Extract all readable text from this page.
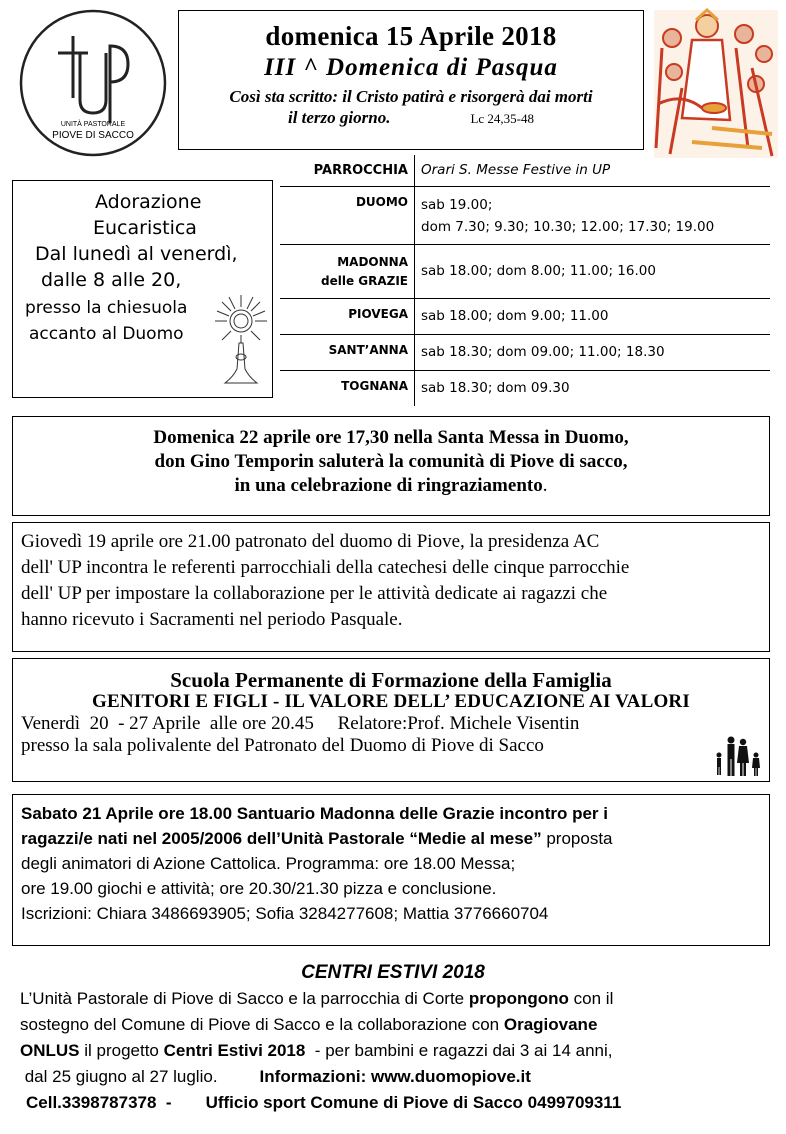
UNITÀ PASTORALE
PIOVE DI SACCO
UP	domenica 15 Aprile 2018
III ^ Domenica di Pasqua
Così sta scritto: il Cristo patirà e risorgerà dai morti
il terzo giorno.	Lc 24,35-48
Adorazione
Eucaristica
Dal lunedì al venerdì,
dalle 8 alle 20,
presso la chiesuola
accanto al Duomo
PARROCCHIA	Orari S. Messe Festive in UP
DUOMO	sab 19.00;
dom 7.30; 9.30; 10.30; 12.00; 17.30; 19.00

MADONNA
delle GRAZIE	sab 18.00; dom 8.00; 11.00; 16.00

PIOVEGA	sab 18.00; dom 9.00; 11.00

SANT’ANNA	sab 18.30; dom 09.00; 11.00; 18.30

TOGNANA	sab 18.30; dom 09.30
Domenica 22 aprile ore 17,30 nella Santa Messa in Duomo,
don Gino Temporin saluterà la comunità di Piove di sacco,
in una celebrazione di ringraziamento.
Giovedì 19 aprile ore 21.00 patronato del duomo di Piove, la presidenza AC
dell' UP incontra le referenti parrocchiali della catechesi delle cinque parrocchie
dell' UP per impostare la collaborazione per le attività dedicate ai ragazzi che
hanno ricevuto i Sacramenti nel periodo Pasquale.
Scuola Permanente di Formazione della Famiglia
GENITORI E FIGLI - IL VALORE DELL’ EDUCAZIONE AI VALORI
Venerdì  20  - 27 Aprile  alle ore 20.45     Relatore:Prof. Michele Visentin
presso la sala polivalente del Patronato del Duomo di Piove di Sacco
Sabato 21 Aprile ore 18.00 Santuario Madonna delle Grazie incontro per i
ragazzi/e nati nel 2005/2006 dell’Unità Pastorale “Medie al mese” proposta
degli animatori di Azione Cattolica. Programma: ore 18.00 Messa;
ore 19.00 giochi e attività; ore 20.30/21.30 pizza e conclusione.
Iscrizioni: Chiara 3486693905; Sofia 3284277608; Mattia 3776660704
CENTRI ESTIVI 2018
L’Unità Pastorale di Piove di Sacco e la parrocchia di Corte propongono con il
sostegno del Comune di Piove di Sacco e la collaborazione con Oragiovane
ONLUS il progetto Centri Estivi 2018  - per bambini e ragazzi dai 3 ai 14 anni,
dal 25 giugno al 27 luglio. Informazioni: www.duomopiove.it
Cell.3398787378  - Ufficio sport Comune di Piove di Sacco 0499709311
